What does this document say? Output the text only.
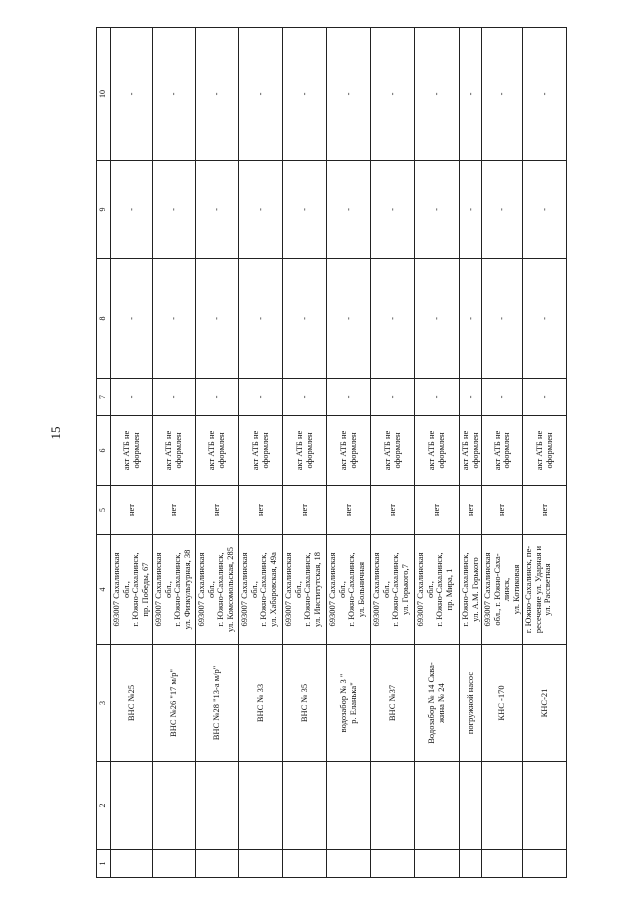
15
1	2	3	4	5	6	7	8	9	10

		ВНС №25	693007 Сахалинская
обл.,
г. Южно-Сахалинск,
пр. Победы, 67	нет	акт АТБ не
оформлен	-	-	-	-

		ВНС №26 "17 м/р"	693007 Сахалинская
обл.,
г. Южно-Сахалинск,
ул. Физкультурная, 38	нет	акт АТБ не
оформлен	-	-	-	-

		ВНС №28 "13-а м/р"	693007 Сахалинская
обл.,
г. Южно-Сахалинск,
ул. Комсомольская, 285	нет	акт АТБ не
оформлен	-	-	-	-

		ВНС № 33	693007 Сахалинская
обл.,
г. Южно-Сахалинск,
ул. Хабаровская, 49а	нет	акт АТБ не
оформлен	-	-	-	-

		ВНС № 35	693007 Сахалинская
обл.,
г. Южно-Сахалинск,
ул. Институтская, 18	нет	акт АТБ не
оформлен	-	-	-	-

		водозабор № 3 "
р. Еланька"	693007 Сахалинская
обл.,
г. Южно-Сахалинск,
ул. Больничная	нет	акт АТБ не
оформлен	-	-	-	-

		ВНС №37	693007 Сахалинская
обл.,
г. Южно-Сахалинск,
ул. Горького,7	нет	акт АТБ не
оформлен	-	-	-	-

		Водозабор № 14 Сква-
жина № 24	693007 Сахалинская
обл.,
г. Южно-Сахалинск,
пр. Мира, 1	нет	акт АТБ не
оформлен	-	-	-	-

		погружной насос	г. Южно-Сахалинск,
ул. А.М. Горького	нет	акт АТБ не
оформлен	-	-	-	-

		КНС -170	693007 Сахалинская
обл., г. Южно-Саха-
линск,
ул. Котиковая	нет	акт АТБ не
оформлен	-	-	-	-

		КНС-21	г. Южно-Сахалинск, пе-
ресечение ул. Ударная и
ул. Рассветная	нет	акт АТБ не
оформлен	-	-	-	-
